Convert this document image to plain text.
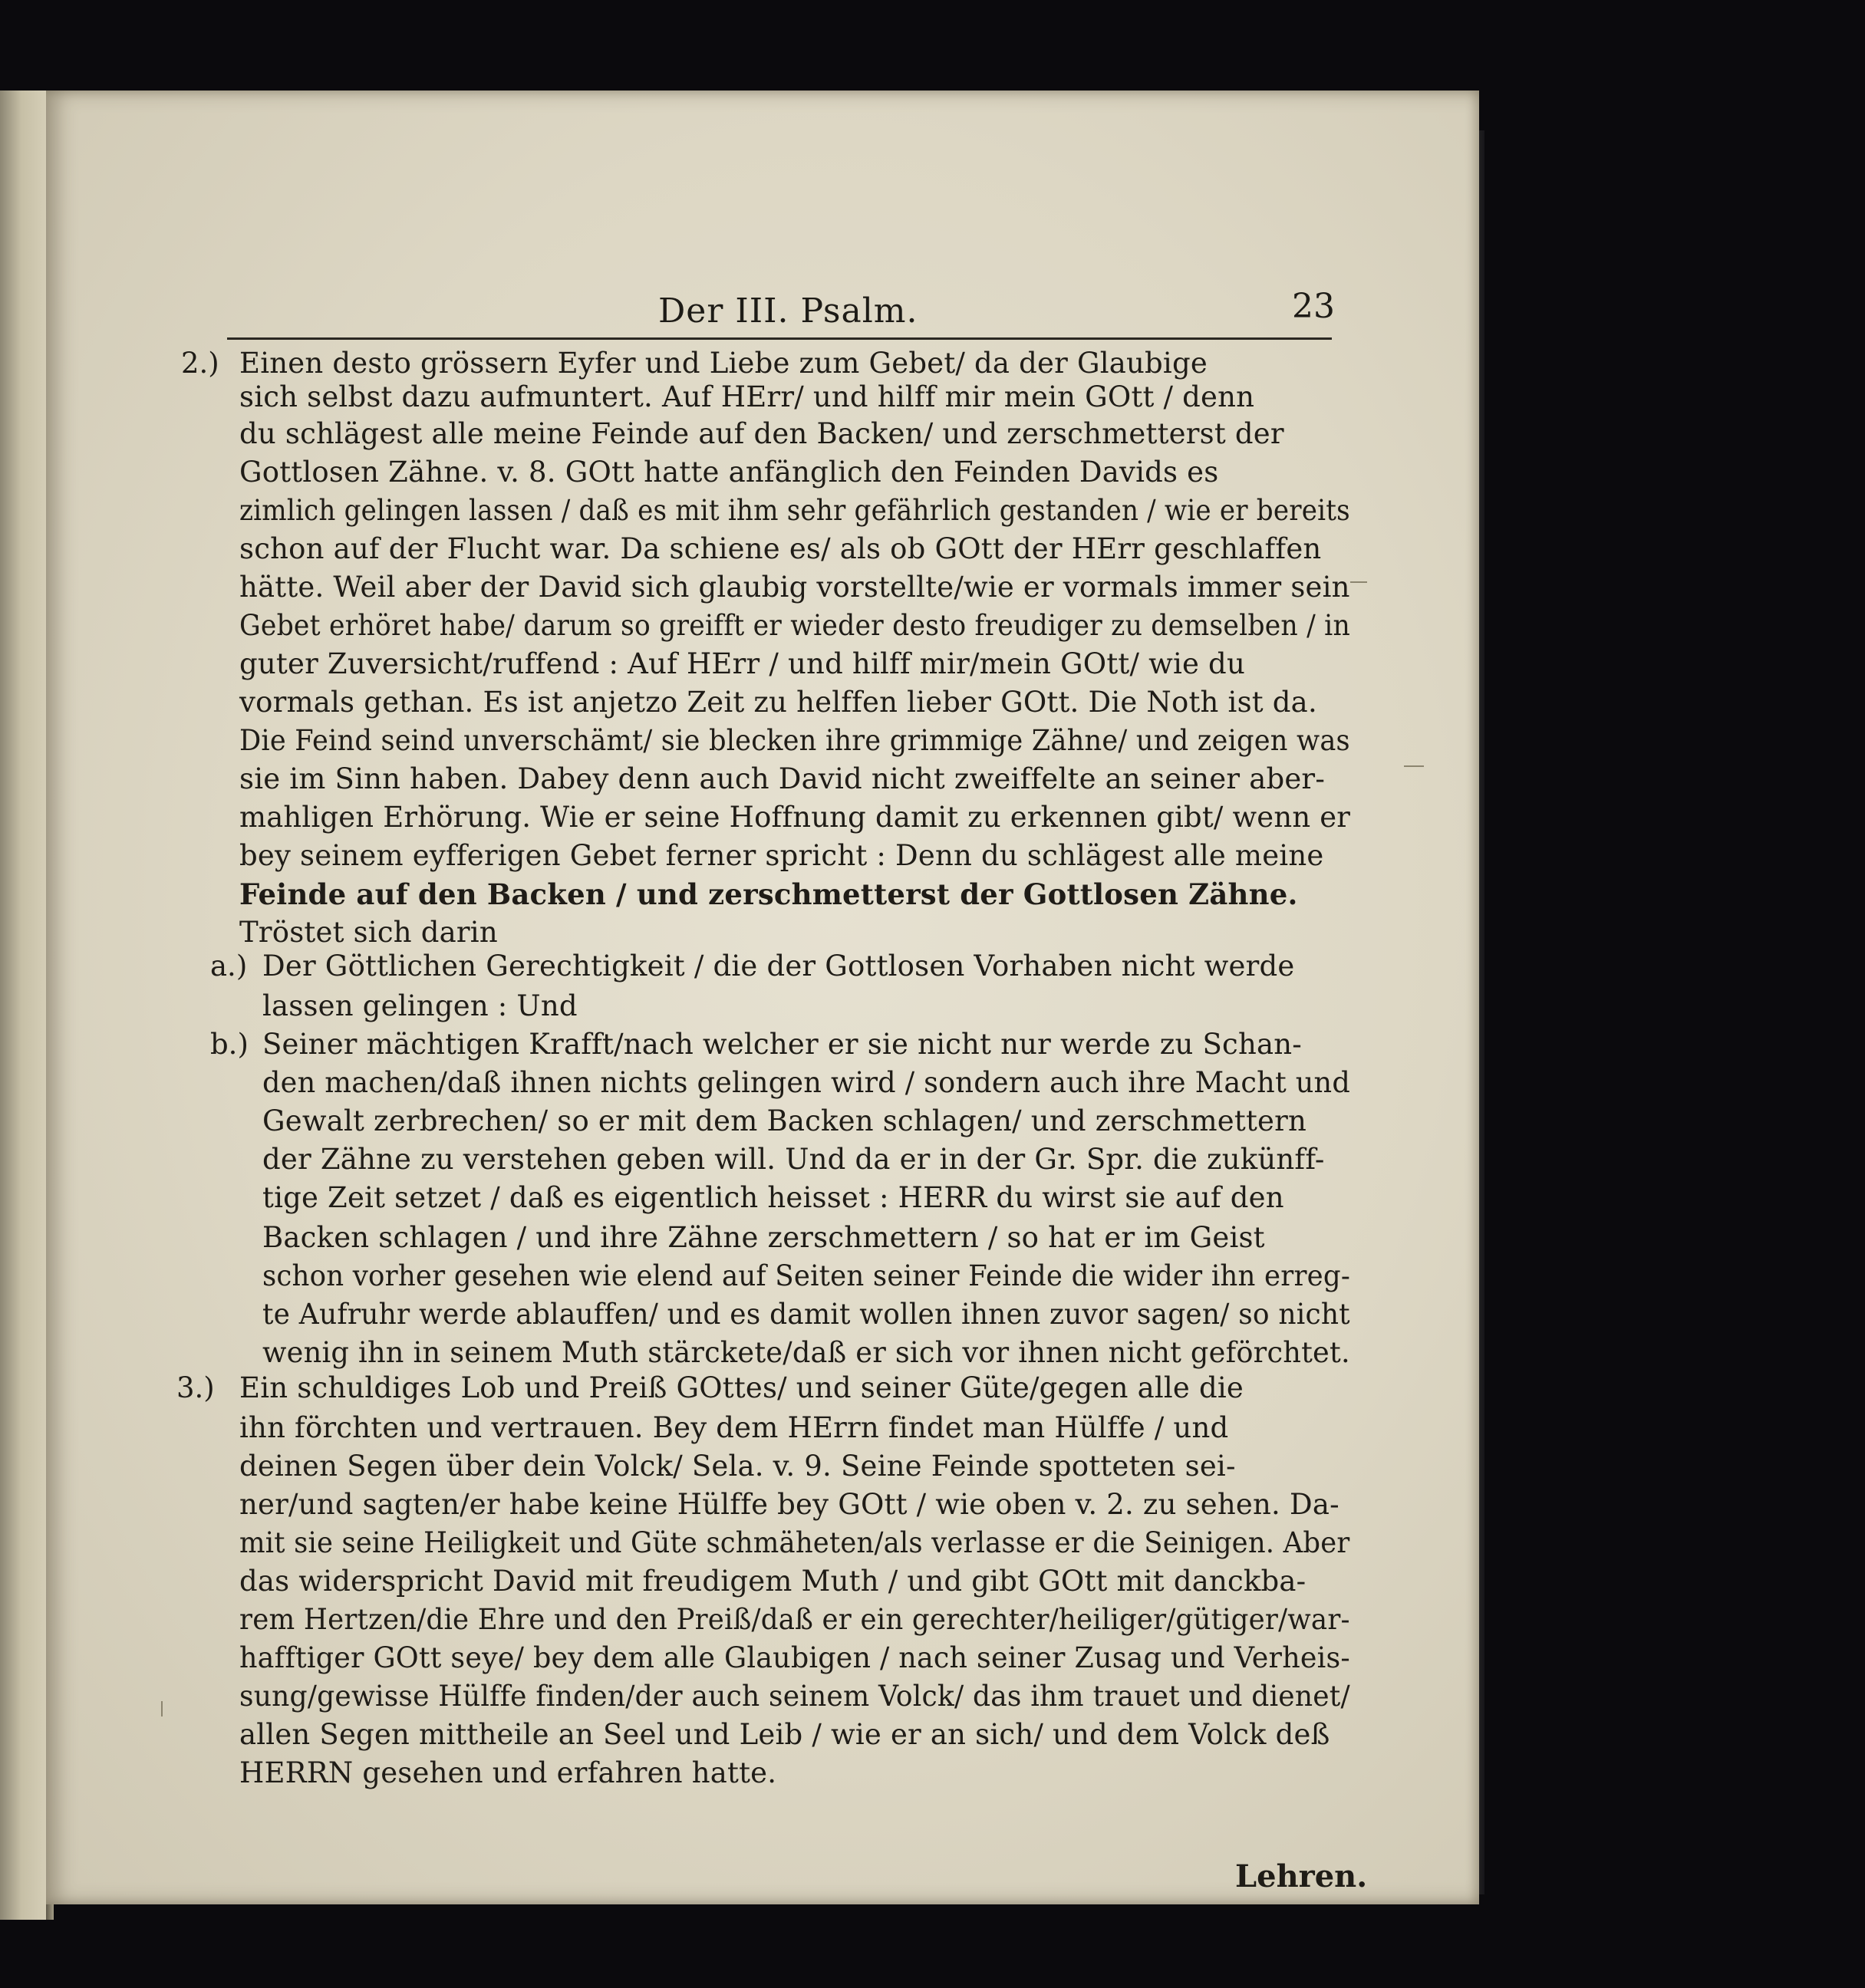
Der III. Psalm.	23
2.) Einen desto grössern Eyfer und Liebe zum Gebet/ da der Glaubige
sich selbst dazu aufmuntert. Auf HErr/ und hilff mir mein GOtt / denn
du schlägest alle meine Feinde auf den Backen/ und zerschmetterst der
Gottlosen Zähne. v. 8. GOtt hatte anfänglich den Feinden Davids es
zimlich gelingen lassen / daß es mit ihm sehr gefährlich gestanden / wie er bereits
schon auf der Flucht war. Da schiene es/ als ob GOtt der HErr geschlaffen
hätte. Weil aber der David sich glaubig vorstellte/wie er vormals immer sein
Gebet erhöret habe/ darum so greifft er wieder desto freudiger zu demselben / in
guter Zuversicht/ruffend : Auf HErr / und hilff mir/mein GOtt/ wie du
vormals gethan. Es ist anjetzo Zeit zu helffen lieber GOtt. Die Noth ist da.
Die Feind seind unverschämt/ sie blecken ihre grimmige Zähne/ und zeigen was
sie im Sinn haben. Dabey denn auch David nicht zweiffelte an seiner aber-
mahligen Erhörung. Wie er seine Hoffnung damit zu erkennen gibt/ wenn er
bey seinem eyfferigen Gebet ferner spricht : Denn du schlägest alle meine
Feinde auf den Backen / und zerschmetterst der Gottlosen Zähne.
Tröstet sich darin
a.) Der Göttlichen Gerechtigkeit / die der Gottlosen Vorhaben nicht werde
lassen gelingen : Und
b.) Seiner mächtigen Krafft/nach welcher er sie nicht nur werde zu Schan-
den machen/daß ihnen nichts gelingen wird / sondern auch ihre Macht und
Gewalt zerbrechen/ so er mit dem Backen schlagen/ und zerschmettern
der Zähne zu verstehen geben will. Und da er in der Gr. Spr. die zukünff-
tige Zeit setzet / daß es eigentlich heisset : HERR du wirst sie auf den
Backen schlagen / und ihre Zähne zerschmettern / so hat er im Geist
schon vorher gesehen wie elend auf Seiten seiner Feinde die wider ihn erreg-
te Aufruhr werde ablauffen/ und es damit wollen ihnen zuvor sagen/ so nicht
wenig ihn in seinem Muth stärckete/daß er sich vor ihnen nicht geförchtet.
3.) Ein schuldiges Lob und Preiß GOttes/ und seiner Güte/gegen alle die
ihn förchten und vertrauen. Bey dem HErrn findet man Hülffe / und
deinen Segen über dein Volck/ Sela. v. 9. Seine Feinde spotteten sei-
ner/und sagten/er habe keine Hülffe bey GOtt / wie oben v. 2. zu sehen. Da-
mit sie seine Heiligkeit und Güte schmäheten/als verlasse er die Seinigen. Aber
das widerspricht David mit freudigem Muth / und gibt GOtt mit danckba-
rem Hertzen/die Ehre und den Preiß/daß er ein gerechter/heiliger/gütiger/war-
hafftiger GOtt seye/ bey dem alle Glaubigen / nach seiner Zusag und Verheis-
sung/gewisse Hülffe finden/der auch seinem Volck/ das ihm trauet und dienet/
allen Segen mittheile an Seel und Leib / wie er an sich/ und dem Volck deß
HERRN gesehen und erfahren hatte.
Lehren.
